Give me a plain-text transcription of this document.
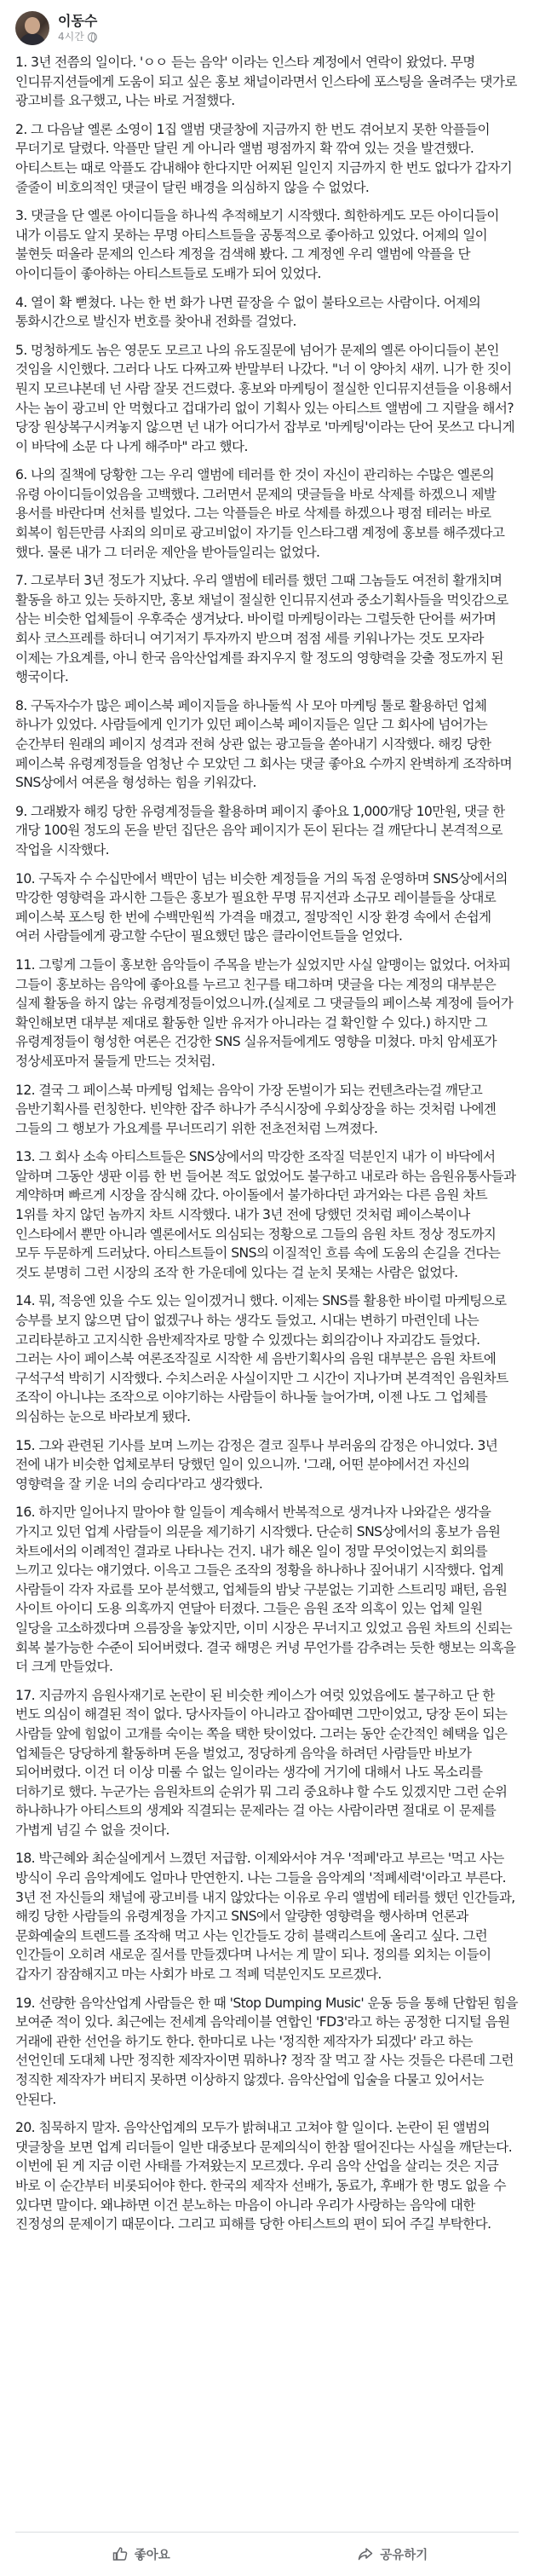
이동수
4시간

1. 3년 전쯤의 일이다. 'ㅇㅇ 듣는 음악' 이라는 인스타 계정에서 연락이 왔었다. 무명 인디뮤지션들에게 도움이 되고 싶은 홍보 채널이라면서 인스타에 포스팅을 올려주는 댓가로 광고비를 요구했고, 나는 바로 거절했다.

2. 그 다음날 옐론 소영이 1집 앨범 댓글창에 지금까지 한 번도 겪어보지 못한 악플들이 무더기로 달렸다. 악플만 달린 게 아니라 앨범 평점까지 확 깎여 있는 것을 발견했다. 아티스트는 때로 악플도 감내해야 한다지만 어찌된 일인지 지금까지 한 번도 없다가 갑자기 줄줄이 비호의적인 댓글이 달린 배경을 의심하지 않을 수 없었다.

3. 댓글을 단 옐론 아이디들을 하나씩 추적해보기 시작했다. 희한하게도 모든 아이디들이 내가 이름도 알지 못하는 무명 아티스트들을 공통적으로 좋아하고 있었다. 어제의 일이 불현듯 떠올라 문제의 인스타 계정을 검색해 봤다. 그 계정엔 우리 앨범에 악플을 단 아이디들이 좋아하는 아티스트들로 도배가 되어 있었다.

4. 열이 확 뻗쳤다. 나는 한 번 화가 나면 끝장을 수 없이 불타오르는 사람이다. 어제의 통화시간으로 발신자 번호를 찾아내 전화를 걸었다.

5. 멍청하게도 놈은 영문도 모르고 나의 유도질문에 넘어가 문제의 옐론 아이디들이 본인 것임을 시인했다. 그러다 나도 다짜고짜 반말부터 나갔다. "너 이 양아치 새끼. 니가 한 짓이 뭔지 모르냐본데 넌 사람 잘못 건드렸다. 홍보와 마케팅이 절실한 인디뮤지션들을 이용해서 사는 놈이 광고비 안 먹혔다고 겁대가리 없이 기획사 있는 아티스트 앨범에 그 지랄을 해서? 당장 원상복구시켜놓지 않으면 넌 내가 어디가서 잡부로 '마케팅'이라는 단어 못쓰고 다니게 이 바닥에 소문 다 나게 해주마" 라고 했다.

6. 나의 질책에 당황한 그는 우리 앨범에 테러를 한 것이 자신이 관리하는 수많은 옐론의 유령 아이디들이었음을 고백했다. 그러면서 문제의 댓글들을 바로 삭제를 하겠으니 제발 용서를 바란다며 선처를 빌었다. 그는 악플들은 바로 삭제를 하겠으나 평점 테러는 바로 회복이 힘든만큼 사죄의 의미로 광고비없이 자기들 인스타그램 계정에 홍보를 해주겠다고 했다. 물론 내가 그 더러운 제안을 받아들일리는 없었다.

7. 그로부터 3년 정도가 지났다. 우리 앨범에 테러를 했던 그때 그놈들도 여전히 활개치며 활동을 하고 있는 듯하지만, 홍보 채널이 절실한 인디뮤지션과 중소기획사들을 먹잇감으로 삼는 비슷한 업체들이 우후죽순 생겨났다. 바이럴 마케팅이라는 그럴듯한 단어를 써가며 회사 코스프레를 하더니 여기저기 투자까지 받으며 점점 세를 키워나가는 것도 모자라 이제는 가요계를, 아니 한국 음악산업계를 좌지우지 할 정도의 영향력을 갖출 정도까지 된 행국이다.

8. 구독자수가 많은 페이스북 페이지들을 하나둘씩 사 모아 마케팅 툴로 활용하던 업체 하나가 있었다. 사람들에게 인기가 있던 페이스북 페이지들은 일단 그 회사에 넘어가는 순간부터 원래의 페이지 성격과 전혀 상관 없는 광고들을 쏟아내기 시작했다. 해킹 당한 페이스북 유령계정들을 엄청난 수 모았던 그 회사는 댓글 좋아요 수까지 완벽하게 조작하며 SNS상에서 여론을 형성하는 힘을 키워갔다.

9. 그래봤자 해킹 당한 유령계정들을 활용하며 페이지 좋아요 1,000개당 10만원, 댓글 한 개당 100원 정도의 돈을 받던 집단은 음악 페이지가 돈이 된다는 걸 깨닫다니 본격적으로 작업을 시작했다.

10. 구독자 수 수십만에서 백만이 넘는 비슷한 계정들을 거의 독점 운영하며 SNS상에서의 막강한 영향력을 과시한 그들은 홍보가 필요한 무명 뮤지션과 소규모 레이블들을 상대로 페이스북 포스팅 한 번에 수백만원씩 가격을 매겼고, 절망적인 시장 환경 속에서 손쉽게 여러 사람들에게 광고할 수단이 필요했던 많은 클라이언트들을 얻었다.

11. 그렇게 그들이 홍보한 음악들이 주목을 받는가 싶었지만 사실 알맹이는 없었다. 어차피 그들이 홍보하는 음악에 좋아요를 누르고 친구를 태그하며 댓글을 다는 계정의 대부분은 실제 활동을 하지 않는 유령계정들이었으니까.(실제로 그 댓글들의 페이스북 계정에 들어가 확인해보면 대부분 제대로 활동한 일반 유저가 아니라는 걸 확인할 수 있다.) 하지만 그 유령계정들이 형성한 여론은 건강한 SNS 실유저들에게도 영향을 미쳤다. 마치 암세포가 정상세포마저 물들게 만드는 것처럼.

12. 결국 그 페이스북 마케팅 업체는 음악이 가장 돈벌이가 되는 컨텐츠라는걸 깨닫고 음반기획사를 런칭한다. 빈약한 잡주 하나가 주식시장에 우회상장을 하는 것처럼 나에겐 그들의 그 행보가 가요계를 무너뜨리기 위한 전초전처럼 느껴졌다.

13. 그 회사 소속 아티스트들은 SNS상에서의 막강한 조작질 덕분인지 내가 이 바닥에서 알하며 그동안 생판 이름 한 번 들어본 적도 없었어도 불구하고 내로라 하는 음원유통사들과 계약하며 빠르게 시장을 잠식해 갔다. 아이돌에서 불가하다던 과거와는 다른 음원 차트 1위를 차지 않던 놈까지 차트 시작했다. 내가 3년 전에 당했던 것처럼 페이스북이나 인스타에서 뿐만 아니라 옐론에서도 의심되는 정황으로 그들의 음원 차트 정상 정도까지 모두 두문하게 드러났다. 아티스트들이 SNS의 이질적인 흐름 속에 도움의 손길을 건다는 것도 분명히 그런 시장의 조작 한 가운데에 있다는 걸 눈치 못채는 사람은 없었다.

14. 뭐, 적응엔 있을 수도 있는 일이겠거니 했다. 이제는 SNS를 활용한 바이럴 마케팅으로 승부를 보지 않으면 답이 없겠구나 하는 생각도 들었고. 시대는 변하기 마련인데 나는 고리타분하고 고지식한 음반제작자로 망할 수 있겠다는 회의감이나 자괴감도 들었다. 그러는 사이 페이스북 여론조작질로 시작한 세 음반기획사의 음원 대부분은 음원 차트에 구석구석 박히기 시작했다. 수치스러운 사실이지만 그 시간이 지나가며 본격적인 음원차트 조작이 아니냐는 조작으로 이야기하는 사람들이 하나둘 늘어가며, 이젠 나도 그 업체를 의심하는 눈으로 바라보게 됐다.

15. 그와 관련된 기사를 보며 느끼는 감정은 결코 질투나 부러움의 감정은 아니었다. 3년 전에 내가 비슷한 업체로부터 당했던 일이 있으니까. '그래, 어떤 분야에서건 자신의 영향력을 잘 키운 너의 승리다'라고 생각했다.

16. 하지만 일어나지 말아야 할 일들이 계속해서 반복적으로 생겨나자 나와같은 생각을 가지고 있던 업계 사람들이 의문을 제기하기 시작했다. 단순히 SNS상에서의 홍보가 음원 차트에서의 이례적인 결과로 나타나는 건지. 내가 해온 일이 정말 무엇이었는지 회의를 느끼고 있다는 얘기였다. 이윽고 그들은 조작의 정황을 하나하나 짚어내기 시작했다. 업계 사람들이 각자 자료를 모아 분석했고, 업체들의 밤낮 구분없는 기괴한 스트리밍 패턴, 음원 사이트 아이디 도용 의혹까지 연달아 터졌다. 그들은 음원 조작 의혹이 있는 업체 일원 일당을 고소하겠다며 으름장을 놓았지만, 이미 시장은 무너지고 있었고 음원 차트의 신뢰는 회복 불가능한 수준이 되어버렸다. 결국 해명은 커녕 무언가를 감추려는 듯한 행보는 의혹을 더 크게 만들었다.

17. 지금까지 음원사재기로 논란이 된 비슷한 케이스가 여럿 있었음에도 불구하고 단 한 번도 의심이 해결된 적이 없다. 당사자들이 아니라고 잡아떼면 그만이었고, 당장 돈이 되는 사람들 앞에 힘없이 고개를 숙이는 쪽을 택한 탓이었다. 그러는 동안 순간적인 혜택을 입은 업체들은 당당하게 활동하며 돈을 벌었고, 정당하게 음악을 하려던 사람들만 바보가 되어버렸다. 이건 더 이상 미룰 수 없는 일이라는 생각에 거기에 대해서 나도 목소리를 더하기로 했다. 누군가는 음원차트의 순위가 뭐 그리 중요하냐 할 수도 있겠지만 그런 순위 하나하나가 아티스트의 생계와 직결되는 문제라는 걸 아는 사람이라면 절대로 이 문제를 가볍게 넘길 수 없을 것이다.

18. 박근혜와 최순실에게서 느꼈던 저급함. 이제와서야 겨우 '적폐'라고 부르는 '먹고 사는 방식이 우리 음악계에도 얼마나 만연한지. 나는 그들을 음악계의 '적폐세력'이라고 부른다. 3년 전 자신들의 채널에 광고비를 내지 않았다는 이유로 우리 앨범에 테러를 했던 인간들과, 해킹 당한 사람들의 유령계정을 가지고 SNS에서 알량한 영향력을 행사하며 언론과 문화예술의 트렌드를 조작해 먹고 사는 인간들도 강히 블랙리스트에 올리고 싶다. 그런 인간들이 오히려 새로운 질서를 만들겠다며 나서는 게 말이 되나. 정의를 외치는 이들이 갑자기 잠잠해지고 마는 사회가 바로 그 적폐 덕분인지도 모르겠다.

19. 선량한 음악산업계 사람들은 한 때 'Stop Dumping Music' 운동 등을 통해 단합된 힘을 보여준 적이 있다. 최근에는 전세계 음악레이블 연합인 'FD3'라고 하는 공정한 디지털 음원 거래에 관한 선언을 하기도 한다. 한마디로 나는 '정직한 제작자가 되겠다' 라고 하는 선언인데 도대체 나만 정직한 제작자이면 뭐하나? 정작 잘 먹고 잘 사는 것들은 다른데 그런 정직한 제작자가 버티지 못하면 이상하지 않겠다. 음악산업에 입술을 다물고 있어서는 안된다.

20. 침묵하지 말자. 음악산업계의 모두가 밝혀내고 고쳐야 할 일이다. 논란이 된 앨범의 댓글창을 보면 업계 리더들이 일반 대중보다 문제의식이 한참 떨어진다는 사실을 깨닫는다. 이번에 된 게 지금 이런 사태를 가져왔는지 모르겠다. 우리 음악 산업을 살리는 것은 지금 바로 이 순간부터 비롯되어야 한다. 한국의 제작자 선배가, 동료가, 후배가 한 명도 없을 수 있다면 말이다. 왜냐하면 이건 분노하는 마음이 아니라 우리가 사랑하는 음악에 대한 진정성의 문제이기 때문이다. 그리고 피해를 당한 아티스트의 편이 되어 주길 부탁한다.

좋아요	공유하기
